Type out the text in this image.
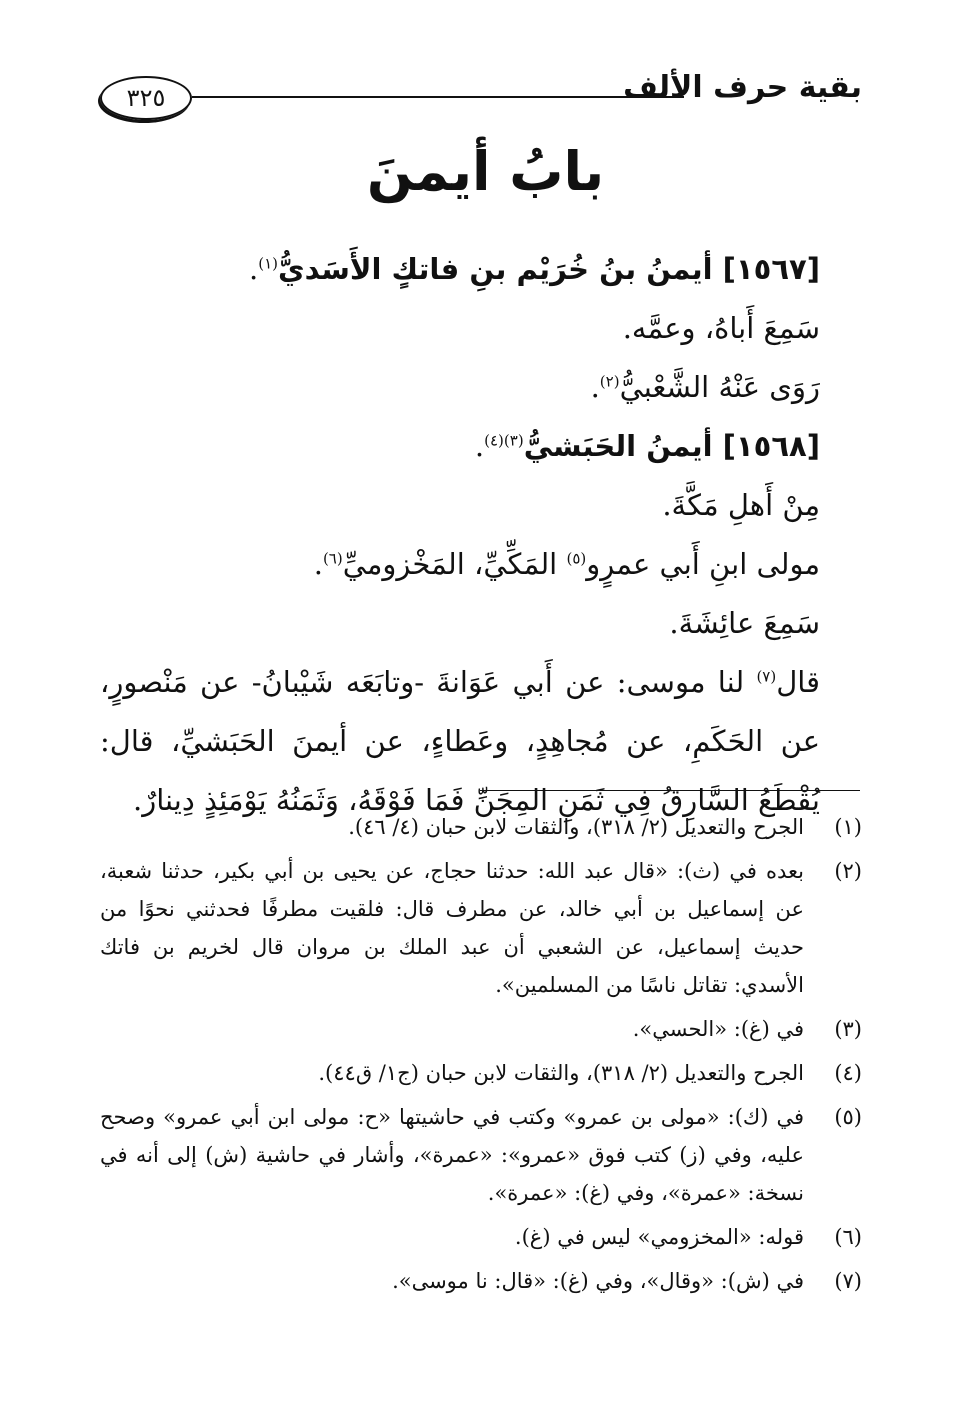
بقية حرف الألف
٣٢٥
بابُ أيمنَ

[١٥٦٧] أيمنُ بنُ خُرَيْم بنِ فاتكٍ الأَسَديُّ$^{(١)}$.

سَمِعَ أَباهُ، وعمَّه.

رَوَى عَنْهُ الشَّعْبيُّ$^{(٢)}$.

[١٥٦٨] أيمنُ الحَبَشيُّ$^{(٣)(٤)}$.

مِنْ أَهلِ مَكَّةَ.

مولى ابنِ أَبي عمرٍو$^{(٥)}$ المَكِّيِّ، المَخْزوميِّ$^{(٦)}$.

سَمِعَ عائِشَةَ.

قال$^{(٧)}$ لنا موسى: عن أَبي عَوَانةَ -وتابَعَه شَيْبانُ- عن مَنْصورٍ، عن الحَكَمِ، عن مُجاهِدٍ، وعَطاءٍ، عن أيمنَ الحَبَشيِّ، قال: يُقْطَعُ السَّارِقُ فِي ثَمَنِ المِجَنِّ فَمَا فَوْقَهُ، وَثَمَنُهُ يَوْمَئِذٍ دِينارٌ.

(١)
الجرح والتعديل (٢/ ٣١٨)، والثقات لابن حبان (٤/ ٤٦).
(٢)
بعده في (ث): «قال عبد الله: حدثنا حجاج، عن يحيى بن أبي بكير، حدثنا شعبة، عن إسماعيل بن أبي خالد، عن مطرف قال: فلقيت مطرفًا فحدثني نحوًا من حديث إسماعيل، عن الشعبي أن عبد الملك بن مروان قال لخريم بن فاتك الأسدي: تقاتل ناسًا من المسلمين».
(٣)
في (غ): «الحسي».
(٤)
الجرح والتعديل (٢/ ٣١٨)، والثقات لابن حبان (ج١/ ق٤٤).
(٥)
في (ك): «مولى بن عمرو» وكتب في حاشيتها «ح: مولى ابن أبي عمرو» وصحح عليه، وفي (ز) كتب فوق «عمرو»: «عمرة»، وأشار في حاشية (ش) إلى أنه في نسخة: «عمرة»، وفي (غ): «عمرة».
(٦)
قوله: «المخزومي» ليس في (غ).
(٧)
في (ش): «وقال»، وفي (غ): «قال: نا موسى».
